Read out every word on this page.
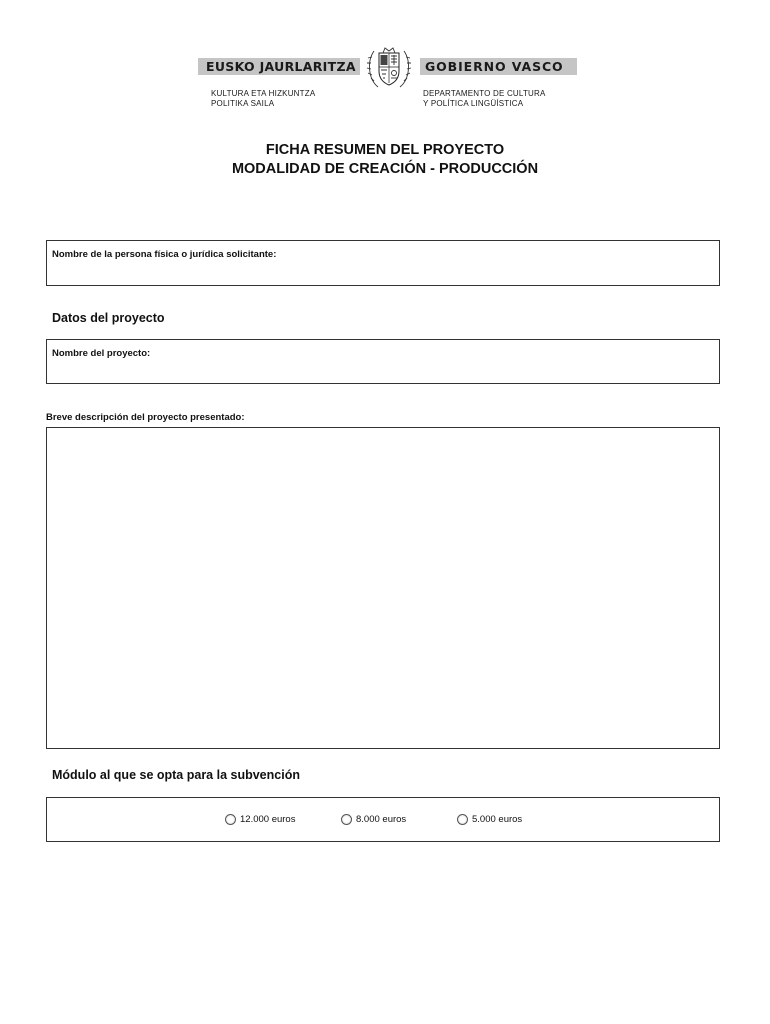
EUSKO JAURLARITZA	GOBIERNO VASCO
KULTURA ETA HIZKUNTZA
POLITIKA SAILA
DEPARTAMENTO DE CULTURA
Y POLÍTICA LINGÜÍSTICA
FICHA RESUMEN DEL PROYECTO
MODALIDAD DE CREACIÓN - PRODUCCIÓN
Nombre de la persona física o jurídica solicitante:
Datos del proyecto
Nombre del proyecto:
Breve descripción del proyecto presentado:
Módulo al que se opta para la subvención
12.000 euros	8.000 euros	5.000 euros
